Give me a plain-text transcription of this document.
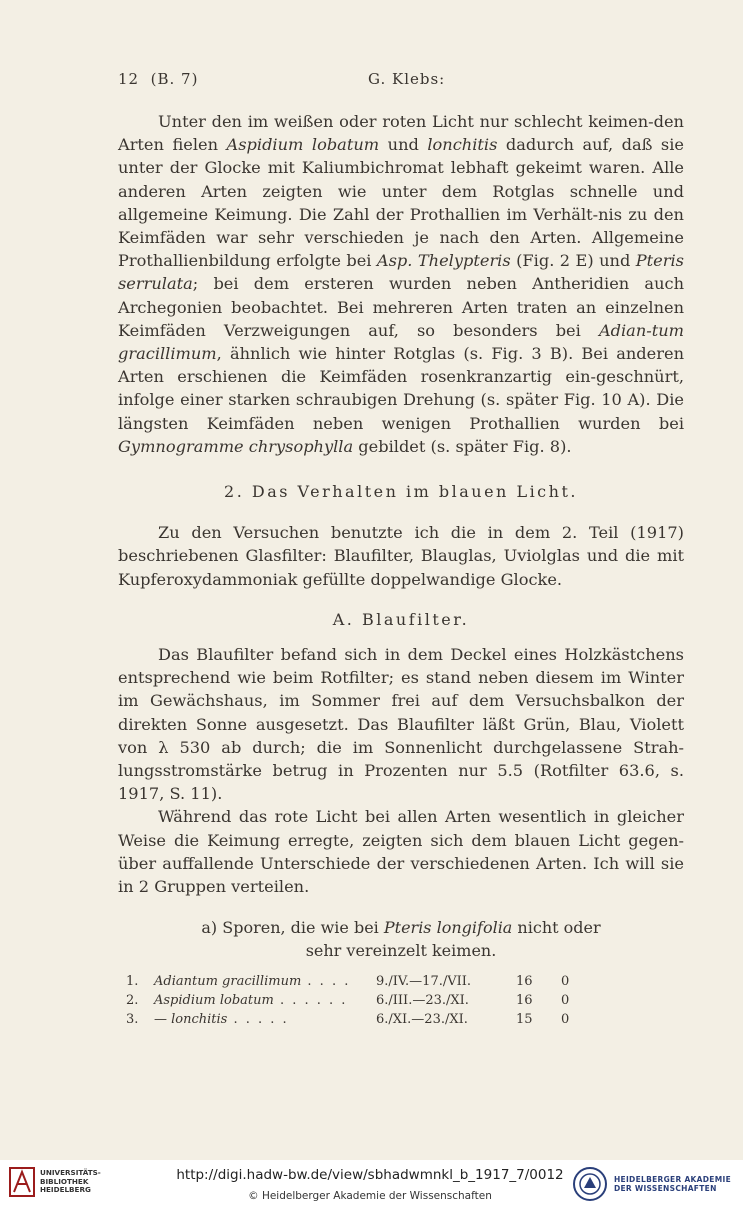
12 (B. 7)	G. Klebs:

Unter den im weißen oder roten Licht nur schlecht keimen-den Arten fielen Aspidium lobatum und lonchitis dadurch auf, daß sie unter der Glocke mit Kaliumbichromat lebhaft gekeimt waren. Alle anderen Arten zeigten wie unter dem Rotglas schnelle und allgemeine Keimung. Die Zahl der Prothallien im Verhält-nis zu den Keimfäden war sehr verschieden je nach den Arten. Allgemeine Prothallienbildung erfolgte bei Asp. Thelypteris (Fig. 2 E) und Pteris serrulata; bei dem ersteren wurden neben Antheridien auch Archegonien beobachtet. Bei mehreren Arten traten an einzelnen Keimfäden Verzweigungen auf, so besonders bei Adian-tum gracillimum, ähnlich wie hinter Rotglas (s. Fig. 3 B). Bei anderen Arten erschienen die Keimfäden rosenkranzartig ein-geschnürt, infolge einer starken schraubigen Drehung (s. später Fig. 10 A). Die längsten Keimfäden neben wenigen Prothallien wurden bei Gymnogramme chrysophylla gebildet (s. später Fig. 8).

2. Das Verhalten im blauen Licht.

Zu den Versuchen benutzte ich die in dem 2. Teil (1917) beschriebenen Glasfilter: Blaufilter, Blauglas, Uviolglas und die mit Kupferoxydammoniak gefüllte doppelwandige Glocke.

A. Blaufilter.

Das Blaufilter befand sich in dem Deckel eines Holzkästchens entsprechend wie beim Rotfilter; es stand neben diesem im Winter im Gewächshaus, im Sommer frei auf dem Versuchsbalkon der direkten Sonne ausgesetzt. Das Blaufilter läßt Grün, Blau, Violett von λ 530 ab durch; die im Sonnenlicht durchgelassene Strah-lungsstromstärke betrug in Prozenten nur 5.5 (Rotfilter 63.6, s. 1917, S. 11).

Während das rote Licht bei allen Arten wesentlich in gleicher Weise die Keimung erregte, zeigten sich dem blauen Licht gegen-über auffallende Unterschiede der verschiedenen Arten. Ich will sie in 2 Gruppen verteilen.

a) Sporen, die wie bei Pteris longifolia nicht oder
sehr vereinzelt keimen.
1.	Adiantum gracillimum . . . .	9./IV.—17./VII.	16	0
2.	Aspidium lobatum . . . . . .	6./III.—23./XI.	16	0
3.	— lonchitis . . . . .	6./XI.—23./XI.	15	0
UNIVERSITÄTS-
BIBLIOTHEK
HEIDELBERG
http://digi.hadw-bw.de/view/sbhadwmnkl_b_1917_7/0012
© Heidelberger Akademie der Wissenschaften
HEIDELBERGER AKADEMIE
DER WISSENSCHAFTEN
